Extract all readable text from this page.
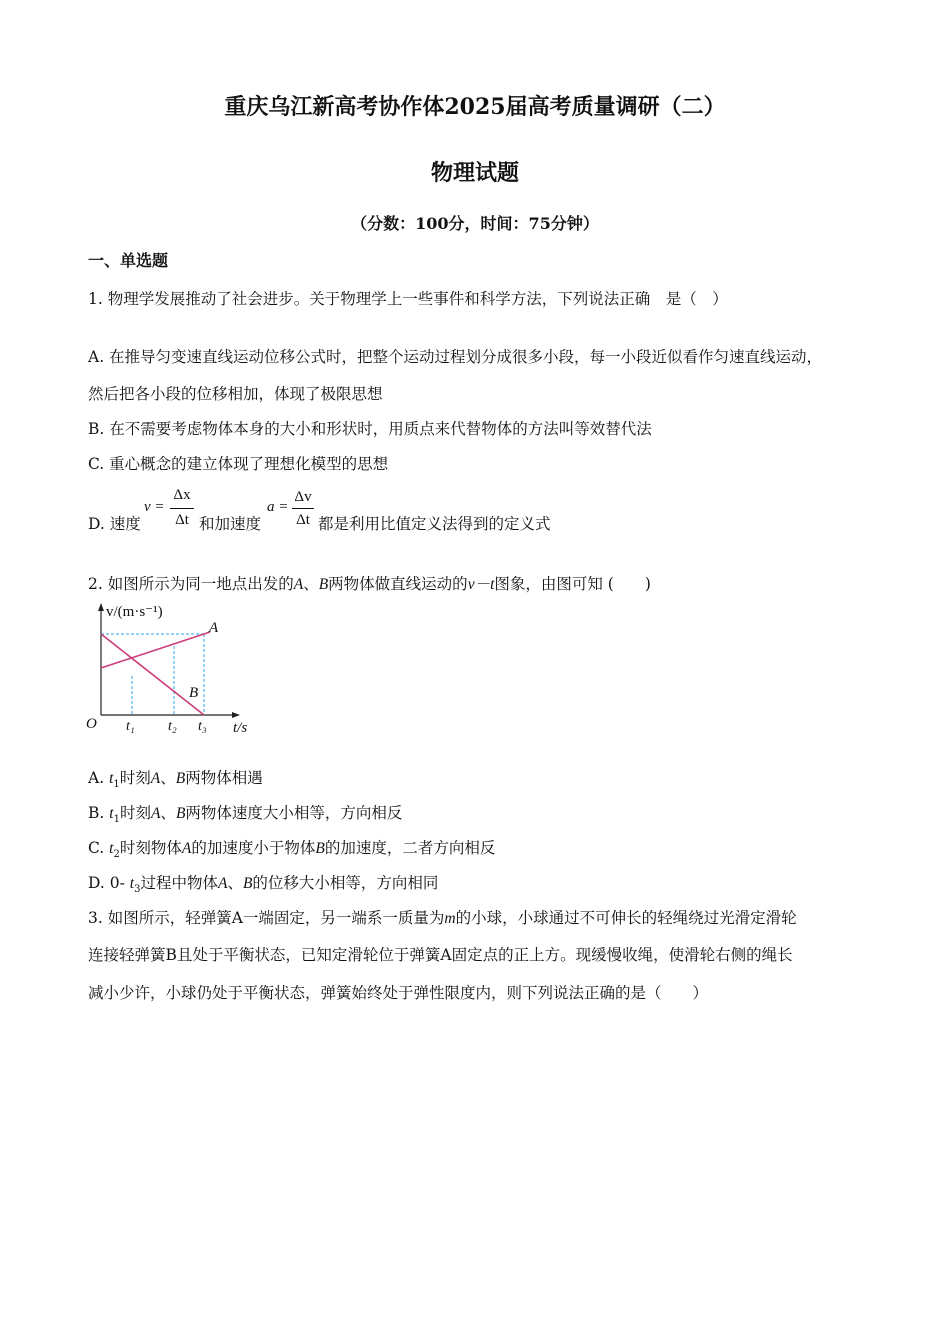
重庆乌江新高考协作体2025届高考质量调研（二）
物理试题
（分数：100分，时间：75分钟）
一、单选题
1. 物理学发展推动了社会进步。关于物理学上一些事件和科学方法，下列说法正确　是（　）
A. 在推导匀变速直线运动位移公式时，把整个运动过程划分成很多小段，每一小段近似看作匀速直线运动，
然后把各小段的位移相加，体现了极限思想
B. 在不需要考虑物体本身的大小和形状时，用质点来代替物体的方法叫等效替代法
C. 重心概念的建立体现了理想化模型的思想
D. 速度
v =
Δx
Δt 和加速度
a =
Δv
Δt 都是利用比值定义法得到的定义式
2. 如图所示为同一地点出发的A、B两物体做直线运动的v－t图象，由图可知 (　　)
v/(m·s⁻¹)
A
B
O t₁ t₂ t₃ t/s
A. $t_1$时刻A、B两物体相遇
B. $t_1$时刻A、B两物体速度大小相等，方向相反
C. $t_2$时刻物体A的加速度小于物体B的加速度，二者方向相反
D. 0- $t_3$过程中物体A、B的位移大小相等，方向相同
3. 如图所示，轻弹簧A一端固定，另一端系一质量为m的小球，小球通过不可伸长的轻绳绕过光滑定滑轮
连接轻弹簧B且处于平衡状态，已知定滑轮位于弹簧A固定点的正上方。现缓慢收绳，使滑轮右侧的绳长
减小少许，小球仍处于平衡状态，弹簧始终处于弹性限度内，则下列说法正确的是（　　）
